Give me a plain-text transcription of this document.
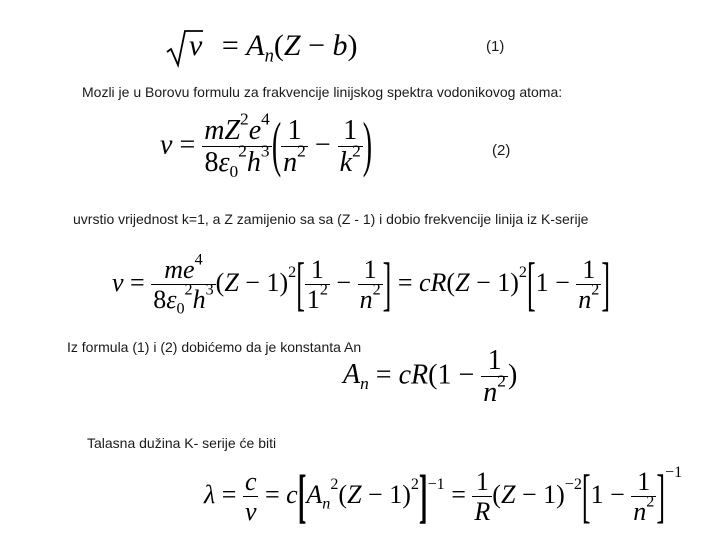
$\nu = A_n(Z - b)$	(1)
Mozli je u Borovu formulu za frakvencije linijskog spektra vodonikovog atoma:
$\nu = \frac{mZ^2e^4}{8\varepsilon_0^2h^3}$ ( $\frac{1}{n^2} - \frac{1}{k^2}$ )	(2)
uvrstio vrijednost k=1, a Z zamijenio sa sa (Z - 1) i dobio frekvencije linija iz K-serije
$\nu = \frac{me^4}{8\varepsilon_0^2h^3} (Z - 1)^2[ \frac{1}{1^2} - \frac{1}{n^2}$ ] = $cR(Z - 1)^2[1 - \frac{1}{n^2}$ ]
Iz formula (1) i (2) dobićemo da je konstanta An
$A_n = cR(1 - \frac{1}{n^2}$ )
Talasna dužina K- serije će biti
$\lambda = \frac{c}{\nu} = c[A_n^2(Z - 1)^2]^{-1} = \frac{1}{R} (Z - 1)^{-2}[1 - \frac{1}{n^2} ]^{-1}$
